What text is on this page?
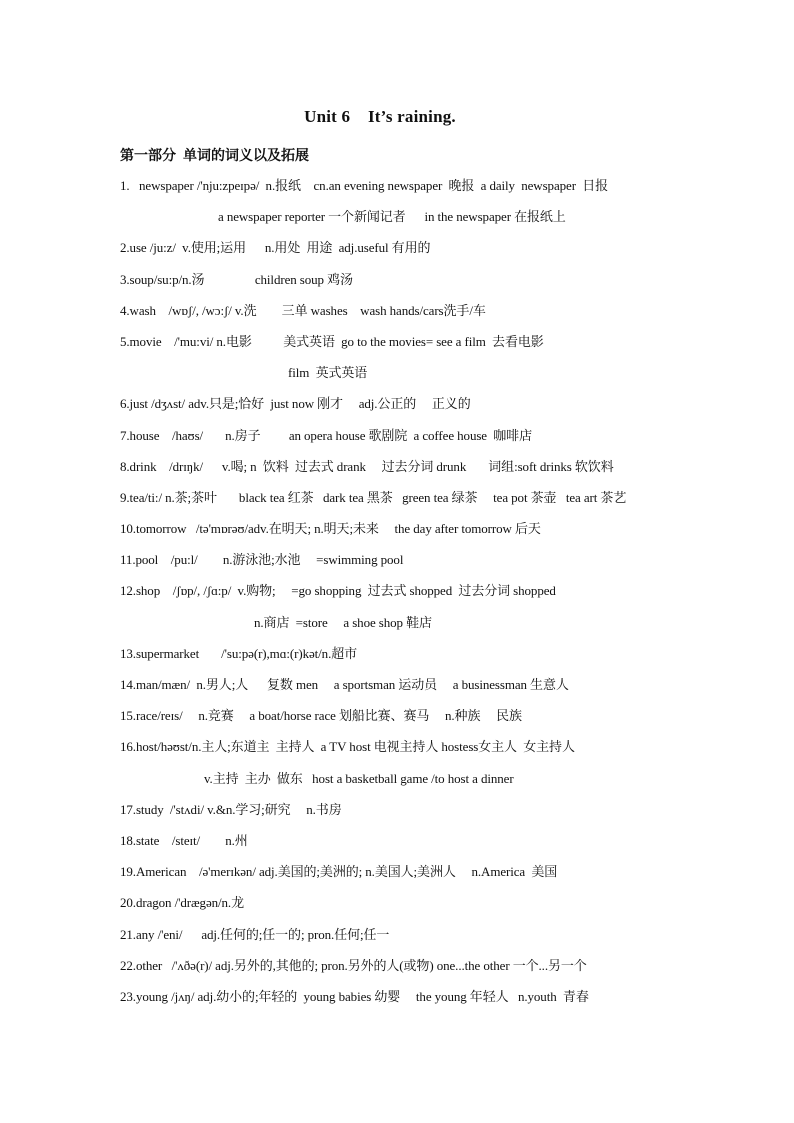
Unit 6    It’s raining.
第一部分  单词的词义以及拓展
1.   newspaper /'nju:zpeɪpə/  n.报纸    cn.an evening newspaper  晚报  a daily  newspaper  日报
a newspaper reporter 一个新闻记者      in the newspaper 在报纸上
2.use /ju:z/  v.使用;运用      n.用处  用途  adj.useful 有用的
3.soup/su:p/n.汤                children soup 鸡汤
4.wash    /wɒʃ/, /wɔ:ʃ/ v.洗        三单 washes    wash hands/cars洗手/车
5.movie    /'mu:vi/ n.电影          美式英语  go to the movies= see a film  去看电影
film  英式英语
6.just /dʒʌst/ adv.只是;恰好  just now 刚才     adj.公正的     正义的
7.house    /haʊs/       n.房子         an opera house 歌剧院  a coffee house  咖啡店
8.drink    /drɪŋk/      v.喝; n  饮料  过去式 drank     过去分词 drunk       词组:soft drinks 软饮料
9.tea/ti:/ n.茶;茶叶       black tea 红茶   dark tea 黑茶   green tea 绿茶     tea pot 茶壶   tea art 茶艺
10.tomorrow   /tə'mɒrəʊ/adv.在明天; n.明天;未来     the day after tomorrow 后天
11.pool    /pu:l/        n.游泳池;水池     =swimming pool
12.shop    /ʃɒp/, /ʃɑ:p/  v.购物;     =go shopping  过去式 shopped  过去分词 shopped
n.商店  =store     a shoe shop 鞋店
13.supermarket       /'su:pə(r),mɑ:(r)kət/n.超市
14.man/mæn/  n.男人;人      复数 men     a sportsman 运动员     a businessman 生意人
15.race/reɪs/     n.竞赛     a boat/horse race 划船比赛、赛马     n.种族     民族
16.host/həʊst/n.主人;东道主  主持人  a TV host 电视主持人 hostess女主人  女主持人
v.主持  主办  做东   host a basketball game /to host a dinner
17.study  /'stʌdi/ v.&n.学习;研究     n.书房
18.state    /steɪt/        n.州
19.American    /ə'merɪkən/ adj.美国的;美洲的; n.美国人;美洲人     n.America  美国
20.dragon /'drægən/n.龙
21.any /'eni/      adj.任何的;任一的; pron.任何;任一
22.other   /'ʌðə(r)/ adj.另外的,其他的; pron.另外的人(或物) one...the other 一个...另一个
23.young /jʌŋ/ adj.幼小的;年轻的  young babies 幼婴     the young 年轻人   n.youth  青春
